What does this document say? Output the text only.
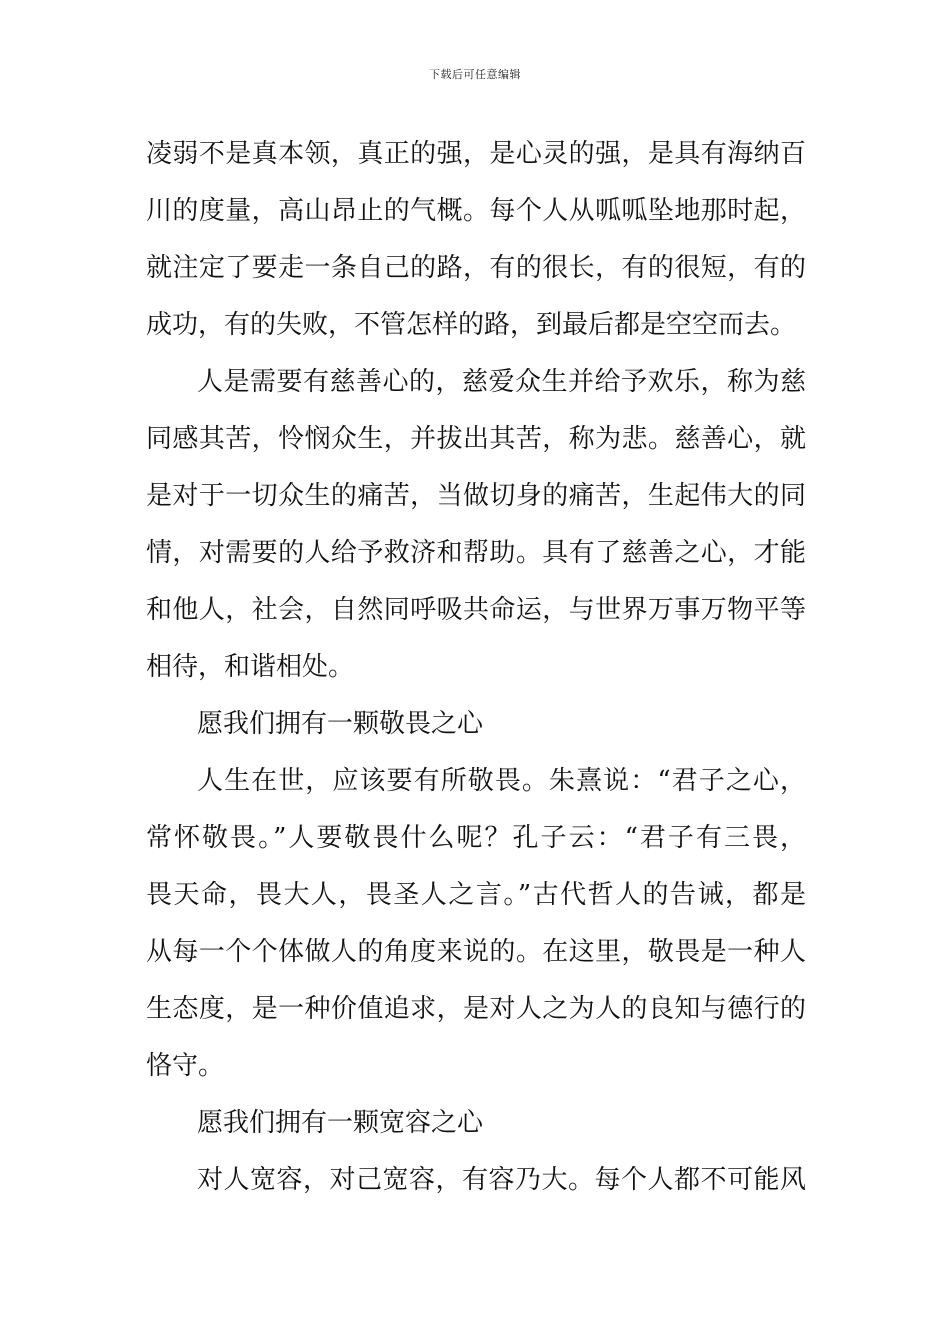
下载后可任意编辑
凌弱不是真本领，真正的强，是心灵的强，是具有海纳百
川的度量，高山昂止的气概。每个人从呱呱坠地那时起，
就注定了要走一条自己的路，有的很长，有的很短，有的
成功，有的失败，不管怎样的路，到最后都是空空而去。
人是需要有慈善心的，慈爱众生并给予欢乐，称为慈
同感其苦，怜悯众生，并拔出其苦，称为悲。慈善心，就
是对于一切众生的痛苦，当做切身的痛苦，生起伟大的同
情，对需要的人给予救济和帮助。具有了慈善之心，才能
和他人，社会，自然同呼吸共命运，与世界万事万物平等
相待，和谐相处。
愿我们拥有一颗敬畏之心
人生在世，应该要有所敬畏。朱熹说：“君子之心，
常怀敬畏。”人要敬畏什么呢？孔子云：“君子有三畏，
畏天命，畏大人，畏圣人之言。”古代哲人的告诫，都是
从每一个个体做人的角度来说的。在这里，敬畏是一种人
生态度，是一种价值追求，是对人之为人的良知与德行的
恪守。
愿我们拥有一颗宽容之心
对人宽容，对己宽容，有容乃大。每个人都不可能风
